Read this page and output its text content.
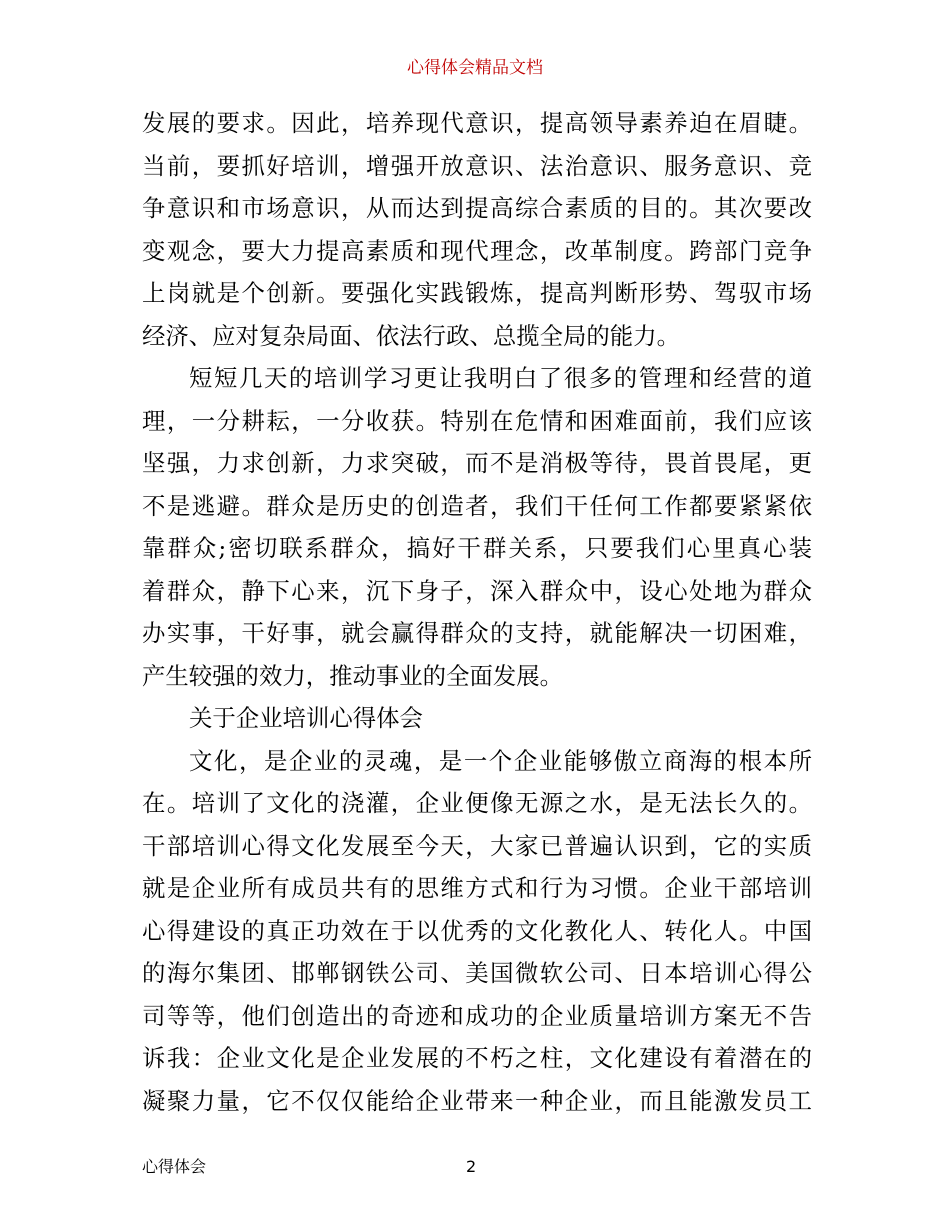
心得体会精品文档
发展的要求。因此，培养现代意识，提高领导素养迫在眉睫。
当前，要抓好培训，增强开放意识、法治意识、服务意识、竞
争意识和市场意识，从而达到提高综合素质的目的。其次要改
变观念，要大力提高素质和现代理念，改革制度。跨部门竞争
上岗就是个创新。要强化实践锻炼，提高判断形势、驾驭市场
经济、应对复杂局面、依法行政、总揽全局的能力。
短短几天的培训学习更让我明白了很多的管理和经营的道
理，一分耕耘，一分收获。特别在危情和困难面前，我们应该
坚强，力求创新，力求突破，而不是消极等待，畏首畏尾，更
不是逃避。群众是历史的创造者，我们干任何工作都要紧紧依
靠群众;密切联系群众，搞好干群关系，只要我们心里真心装
着群众，静下心来，沉下身子，深入群众中，设心处地为群众
办实事，干好事，就会赢得群众的支持，就能解决一切困难，
产生较强的效力，推动事业的全面发展。
关于企业培训心得体会
文化，是企业的灵魂，是一个企业能够傲立商海的根本所
在。培训了文化的浇灌，企业便像无源之水，是无法长久的。
干部培训心得文化发展至今天，大家已普遍认识到，它的实质
就是企业所有成员共有的思维方式和行为习惯。企业干部培训
心得建设的真正功效在于以优秀的文化教化人、转化人。中国
的海尔集团、邯郸钢铁公司、美国微软公司、日本培训心得公
司等等，他们创造出的奇迹和成功的企业质量培训方案无不告
诉我：企业文化是企业发展的不朽之柱，文化建设有着潜在的
凝聚力量，它不仅仅能给企业带来一种企业，而且能激发员工
心得体会	2
